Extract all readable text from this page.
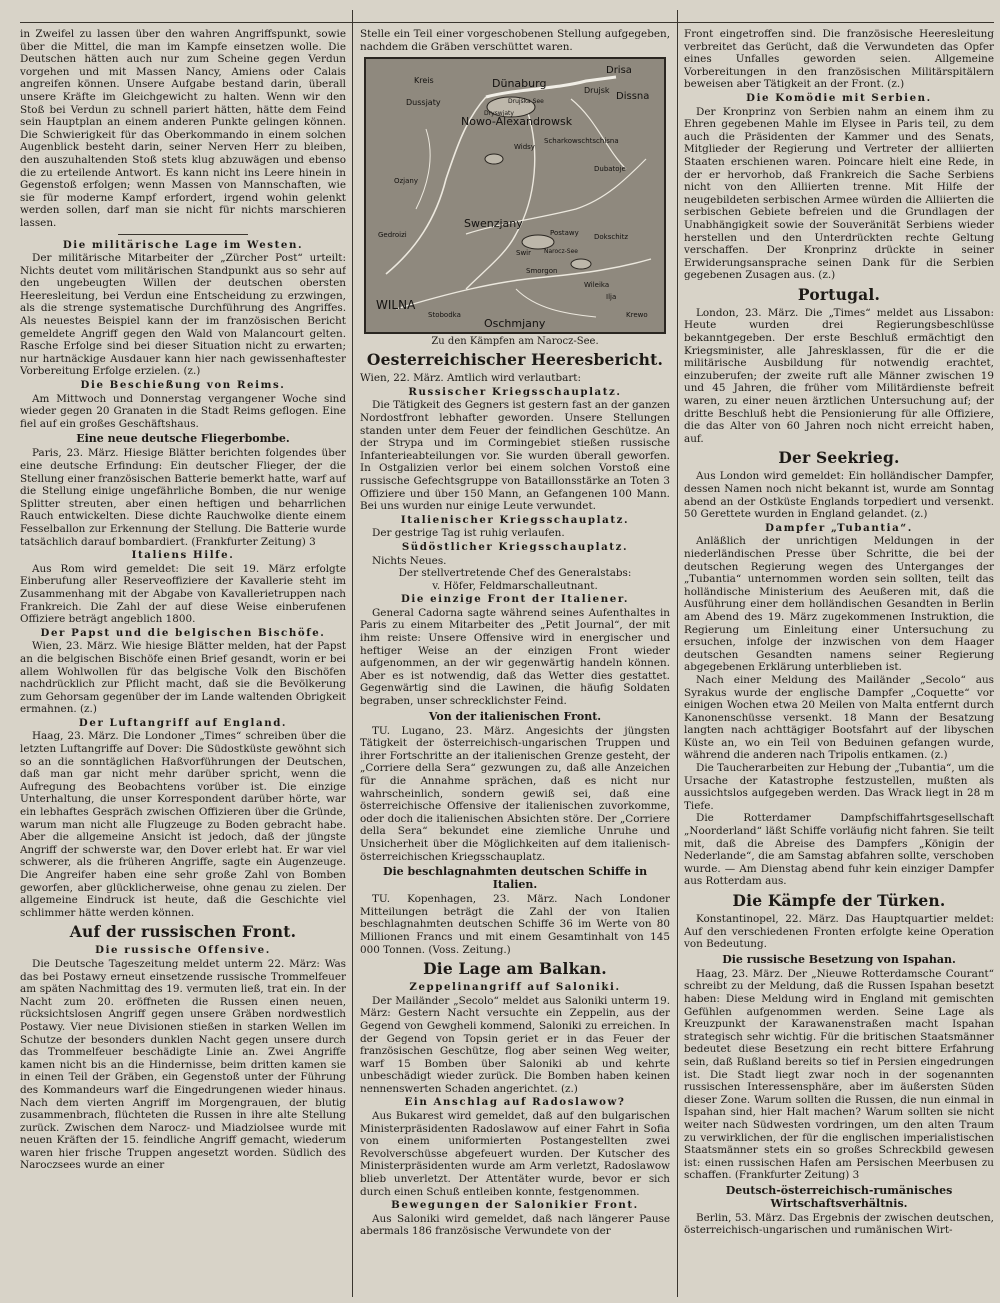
in Zweifel zu lassen über den wahren Angriffspunkt, sowie über die Mittel, die man im Kampfe einsetzen wolle. Die Deutschen hätten auch nur zum Scheine gegen Verdun vorgehen und mit Massen Nancy, Amiens oder Calais angreifen können. Unsere Aufgabe bestand darin, überall unsere Kräfte im Gleichgewicht zu halten. Wenn wir den Stoß bei Verdun zu schnell pariert hätten, hätte dem Feind sein Hauptplan an einem anderen Punkte gelingen können. Die Schwierigkeit für das Oberkommando in einem solchen Augenblick besteht darin, seiner Nerven Herr zu bleiben, den auszuhaltenden Stoß stets klug abzuwägen und ebenso die zu erteilende Antwort. Es kann nicht ins Leere hinein in Gegenstoß erfolgen; wenn Massen von Mannschaften, wie sie für moderne Kampf erfordert, irgend wohin gelenkt werden sollen, darf man sie nicht für nichts marschieren lassen.
Die militärische Lage im Westen.
Der militärische Mitarbeiter der „Zürcher Post“ urteilt: Nichts deutet vom militärischen Standpunkt aus so sehr auf den ungebeugten Willen der deutschen obersten Heeresleitung, bei Verdun eine Entscheidung zu erzwingen, als die strenge systematische Durchführung des Angriffes. Als neuestes Beispiel kann der im französischen Bericht gemeldete Angriff gegen den Wald von Malancourt gelten. Rasche Erfolge sind bei dieser Situation nicht zu erwarten; nur hartnäckige Ausdauer kann hier nach gewissenhaftester Vorbereitung Erfolge erzielen. (z.)
Die Beschießung von Reims.
Am Mittwoch und Donnerstag vergangener Woche sind wieder gegen 20 Granaten in die Stadt Reims geflogen. Eine fiel auf ein großes Geschäftshaus.
Eine neue deutsche Fliegerbombe.
Paris, 23. März. Hiesige Blätter berichten folgendes über eine deutsche Erfindung: Ein deutscher Flieger, der die Stellung einer französischen Batterie bemerkt hatte, warf auf die Stellung einige ungefährliche Bomben, die nur wenige Splitter streuten, aber einen heftigen und beharrlichen Rauch entwickelten. Diese dichte Rauchwolke diente einem Fesselballon zur Erkennung der Stellung. Die Batterie wurde tatsächlich darauf bombardiert. (Frankfurter Zeitung) 3
Italiens Hilfe.
Aus Rom wird gemeldet: Die seit 19. März erfolgte Einberufung aller Reserveoffiziere der Kavallerie steht im Zusammenhang mit der Abgabe von Kavallerietruppen nach Frankreich. Die Zahl der auf diese Weise einberufenen Offiziere beträgt angeblich 1800.
Der Papst und die belgischen Bischöfe.
Wien, 23. März. Wie hiesige Blätter melden, hat der Papst an die belgischen Bischöfe einen Brief gesandt, worin er bei allem Wohlwollen für das belgische Volk den Bischöfen nachdrücklich zur Pflicht macht, daß sie die Bevölkerung zum Gehorsam gegenüber der im Lande waltenden Obrigkeit ermahnen. (z.)
Der Luftangriff auf England.
Haag, 23. März. Die Londoner „Times“ schreiben über die letzten Luftangriffe auf Dover: Die Südostküste gewöhnt sich so an die sonntäglichen Haßvorführungen der Deutschen, daß man gar nicht mehr darüber spricht, wenn die Aufregung des Beobachtens vorüber ist. Die einzige Unterhaltung, die unser Korrespondent darüber hörte, war ein lebhaftes Gespräch zwischen Offizieren über die Gründe, warum man nicht alle Flugzeuge zu Boden gebracht habe. Aber die allgemeine Ansicht ist jedoch, daß der jüngste Angriff der schwerste war, den Dover erlebt hat. Er war viel schwerer, als die früheren Angriffe, sagte ein Augenzeuge. Die Angreifer haben eine sehr große Zahl von Bomben geworfen, aber glücklicherweise, ohne genau zu zielen. Der allgemeine Eindruck ist heute, daß die Geschichte viel schlimmer hätte werden können.
Auf der russischen Front.
Die russische Offensive.
Die Deutsche Tageszeitung meldet unterm 22. März: Was das bei Postawy erneut einsetzende russische Trommelfeuer am späten Nachmittag des 19. vermuten ließ, trat ein. In der Nacht zum 20. eröffneten die Russen einen neuen, rücksichtslosen Angriff gegen unsere Gräben nordwestlich Postawy. Vier neue Divisionen stießen in starken Wellen im Schutze der besonders dunklen Nacht gegen unsere durch das Trommelfeuer beschädigte Linie an. Zwei Angriffe kamen nicht bis an die Hindernisse, beim dritten kamen sie in einen Teil der Gräben, ein Gegenstoß unter der Führung des Kommandeurs warf die Eingedrungenen wieder hinaus. Nach dem vierten Angriff im Morgengrauen, der blutig zusammenbrach, flüchteten die Russen in ihre alte Stellung zurück. Zwischen dem Narocz- und Miadziolsee wurde mit neuen Kräften der 15. feindliche Angriff gemacht, wiederum waren hier frische Truppen angesetzt worden. Südlich des Naroczsees wurde an einer
Stelle ein Teil einer vorgeschobenen Stellung aufgegeben, nachdem die Gräben verschüttet waren.
Dünaburg
Drujska See
Drisa
Kreis
Dussjaty
Drujsk
Dissna
Nowo-Alexandrowsk
Dryswjaty
Widsy
Scharkowschtschisna
Dubatoje
Ozjany
Swenzjany
Postawy
Gedroizi
Narocz-See
Swir
Dokschitz
Smorgon
Wileika
Ilja
WILNA
Stobodka
Oschmjany
Krewo
Zu den Kämpfen am Narocz-See.
Oesterreichischer Heeresbericht.
Wien, 22. März. Amtlich wird verlautbart:
Russischer Kriegsschauplatz.
Die Tätigkeit des Gegners ist gestern fast an der ganzen Nordostfront lebhafter geworden. Unsere Stellungen standen unter dem Feuer der feindlichen Geschütze. An der Strypa und im Cormingebiet stießen russische Infanterieabteilungen vor. Sie wurden überall geworfen. In Ostgalizien verlor bei einem solchen Vorstoß eine russische Gefechtsgruppe von Bataillonsstärke an Toten 3 Offiziere und über 150 Mann, an Gefangenen 100 Mann. Bei uns wurden nur einige Leute verwundet.
Italienischer Kriegsschauplatz.
Der gestrige Tag ist ruhig verlaufen.
Südöstlicher Kriegsschauplatz.
Nichts Neues.
Der stellvertretende Chef des Generalstabs:
v. Höfer, Feldmarschalleutnant.
Die einzige Front der Italiener.
General Cadorna sagte während seines Aufenthaltes in Paris zu einem Mitarbeiter des „Petit Journal“, der mit ihm reiste: Unsere Offensive wird in energischer und heftiger Weise an der einzigen Front wieder aufgenommen, an der wir gegenwärtig handeln können. Aber es ist notwendig, daß das Wetter dies gestattet. Gegenwärtig sind die Lawinen, die häufig Soldaten begraben, unser schrecklichster Feind.
Von der italienischen Front.
TU. Lugano, 23. März. Angesichts der jüngsten Tätigkeit der österreichisch-ungarischen Truppen und ihrer Fortschritte an der italienischen Grenze gesteht, der „Corriere della Sera“ gezwungen zu, daß alle Anzeichen für die Annahme sprächen, daß es nicht nur wahrscheinlich, sondern gewiß sei, daß eine österreichische Offensive der italienischen zuvorkomme, oder doch die italienischen Absichten störe. Der „Corriere della Sera“ bekundet eine ziemliche Unruhe und Unsicherheit über die Möglichkeiten auf dem italienisch-österreichischen Kriegsschauplatz.
Die beschlagnahmten deutschen Schiffe in Italien.
TU. Kopenhagen, 23. März. Nach Londoner Mitteilungen beträgt die Zahl der von Italien beschlagnahmten deutschen Schiffe 36 im Werte von 80 Millionen Francs und mit einem Gesamtinhalt von 145 000 Tonnen. (Voss. Zeitung.)
Die Lage am Balkan.
Zeppelinangriff auf Saloniki.
Der Mailänder „Secolo“ meldet aus Saloniki unterm 19. März: Gestern Nacht versuchte ein Zeppelin, aus der Gegend von Gewgheli kommend, Saloniki zu erreichen. In der Gegend von Topsin geriet er in das Feuer der französischen Geschütze, flog aber seinen Weg weiter, warf 15 Bomben über Saloniki ab und kehrte unbeschädigt wieder zurück. Die Bomben haben keinen nennenswerten Schaden angerichtet. (z.)
Ein Anschlag auf Radoslawow?
Aus Bukarest wird gemeldet, daß auf den bulgarischen Ministerpräsidenten Radoslawow auf einer Fahrt in Sofia von einem uniformierten Postangestellten zwei Revolverschüsse abgefeuert wurden. Der Kutscher des Ministerpräsidenten wurde am Arm verletzt, Radoslawow blieb unverletzt. Der Attentäter wurde, bevor er sich durch einen Schuß entleiben konnte, festgenommen.
Bewegungen der Salonikier Front.
Aus Saloniki wird gemeldet, daß nach längerer Pause abermals 186 französische Verwundete von der
Front eingetroffen sind. Die französische Heeresleitung verbreitet das Gerücht, daß die Verwundeten das Opfer eines Unfalles geworden seien. Allgemeine Vorbereitungen in den französischen Militärspitälern beweisen aber Tätigkeit an der Front. (z.)
Die Komödie mit Serbien.
Der Kronprinz von Serbien nahm an einem ihm zu Ehren gegebenen Mahle im Elysee in Paris teil, zu dem auch die Präsidenten der Kammer und des Senats, Mitglieder der Regierung und Vertreter der alliierten Staaten erschienen waren. Poincare hielt eine Rede, in der er hervorhob, daß Frankreich die Sache Serbiens nicht von den Alliierten trenne. Mit Hilfe der neugebildeten serbischen Armee würden die Alliierten die serbischen Gebiete befreien und die Grundlagen der Unabhängigkeit sowie der Souveränität Serbiens wieder herstellen und den Unterdrückten rechte Geltung verschaffen. Der Kronprinz drückte in seiner Erwiderungsansprache seinen Dank für die Serbien gegebenen Zusagen aus. (z.)
Portugal.
London, 23. März. Die „Times“ meldet aus Lissabon: Heute wurden drei Regierungsbeschlüsse bekanntgegeben. Der erste Beschluß ermächtigt den Kriegsminister, alle Jahresklassen, für die er die militärische Ausbildung für notwendig erachtet, einzuberufen; der zweite ruft alle Männer zwischen 19 und 45 Jahren, die früher vom Militärdienste befreit waren, zu einer neuen ärztlichen Untersuchung auf; der dritte Beschluß hebt die Pensionierung für alle Offiziere, die das Alter von 60 Jahren noch nicht erreicht haben, auf.
Der Seekrieg.
Aus London wird gemeldet: Ein holländischer Dampfer, dessen Namen noch nicht bekannt ist, wurde am Sonntag abend an der Ostküste Englands torpediert und versenkt. 50 Gerettete wurden in England gelandet. (z.)
Dampfer „Tubantia“.
Anläßlich der unrichtigen Meldungen in der niederländischen Presse über Schritte, die bei der deutschen Regierung wegen des Unterganges der „Tubantia“ unternommen worden sein sollten, teilt das holländische Ministerium des Aeußeren mit, daß die Ausführung einer dem holländischen Gesandten in Berlin am Abend des 19. März zugekommenen Instruktion, die Regierung um Einleitung einer Untersuchung zu ersuchen, infolge der inzwischen von dem Haager deutschen Gesandten namens seiner Regierung abgegebenen Erklärung unterblieben ist.
Nach einer Meldung des Mailänder „Secolo“ aus Syrakus wurde der englische Dampfer „Coquette“ vor einigen Wochen etwa 20 Meilen von Malta entfernt durch Kanonenschüsse versenkt. 18 Mann der Besatzung langten nach achttägiger Bootsfahrt auf der libyschen Küste an, wo ein Teil von Beduinen gefangen wurde, während die anderen nach Tripolis entkamen. (z.)
Die Taucherarbeiten zur Hebung der „Tubantia“, um die Ursache der Katastrophe festzustellen, mußten als aussichtslos aufgegeben werden. Das Wrack liegt in 28 m Tiefe.
Die Rotterdamer Dampfschiffahrtsgesellschaft „Noorderland“ läßt Schiffe vorläufig nicht fahren. Sie teilt mit, daß die Abreise des Dampfers „Königin der Nederlande“, die am Samstag abfahren sollte, verschoben wurde. — Am Dienstag abend fuhr kein einziger Dampfer aus Rotterdam aus.
Die Kämpfe der Türken.
Konstantinopel, 22. März. Das Hauptquartier meldet: Auf den verschiedenen Fronten erfolgte keine Operation von Bedeutung.
Die russische Besetzung von Ispahan.
Haag, 23. März. Der „Nieuwe Rotterdamsche Courant“ schreibt zu der Meldung, daß die Russen Ispahan besetzt haben: Diese Meldung wird in England mit gemischten Gefühlen aufgenommen werden. Seine Lage als Kreuzpunkt der Karawanenstraßen macht Ispahan strategisch sehr wichtig. Für die britischen Staatsmänner bedeutet diese Besetzung ein recht bittere Erfahrung sein, daß Rußland bereits so tief in Persien eingedrungen ist. Die Stadt liegt zwar noch in der sogenannten russischen Interessensphäre, aber im äußersten Süden dieser Zone. Warum sollten die Russen, die nun einmal in Ispahan sind, hier Halt machen? Warum sollten sie nicht weiter nach Südwesten vordringen, um den alten Traum zu verwirklichen, der für die englischen imperialistischen Staatsmänner stets ein so großes Schreckbild gewesen ist: einen russischen Hafen am Persischen Meerbusen zu schaffen. (Frankfurter Zeitung) 3
Deutsch-österreichisch-rumänisches Wirtschaftsverhältnis.
Berlin, 53. März. Das Ergebnis der zwischen deutschen, österreichisch-ungarischen und rumänischen Wirt-
